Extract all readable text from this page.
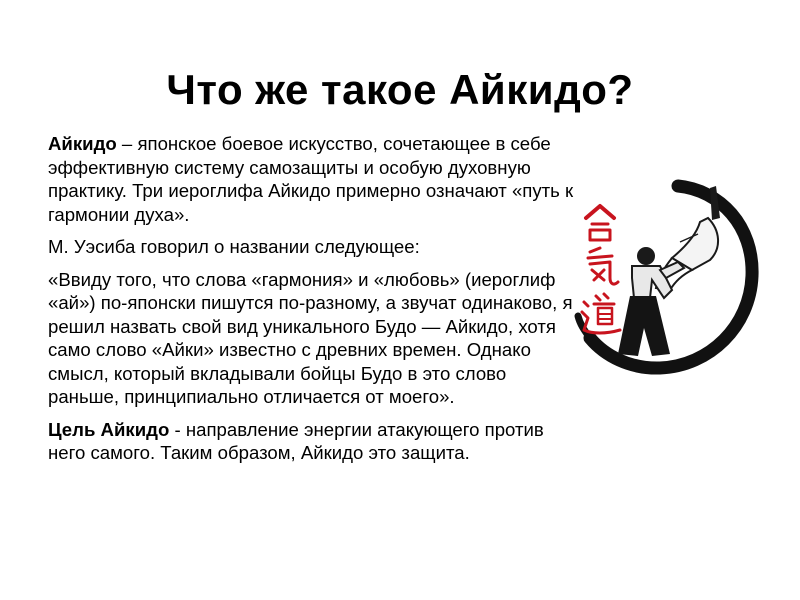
Что же такое Айкидо?

Айкидо – японское боевое искусство, сочетающее в себе эффективную систему самозащиты и особую духовную практику. Три иероглифа Айкидо примерно означают «путь к гармонии духа».

М. Уэсиба говорил о названии следующее:

«Ввиду того, что слова «гармония» и «любовь» (иероглиф «ай») по-японски пишутся по-разному, а звучат одинаково, я решил назвать свой вид уникального Будо — Айкидо, хотя само слово «Айки» известно с древних времен. Однако смысл, который вкладывали бойцы Будо в это слово раньше, принципиально отличается от моего».

Цель Айкидо - направление энергии атакующего против него самого. Таким образом, Айкидо это защита.
